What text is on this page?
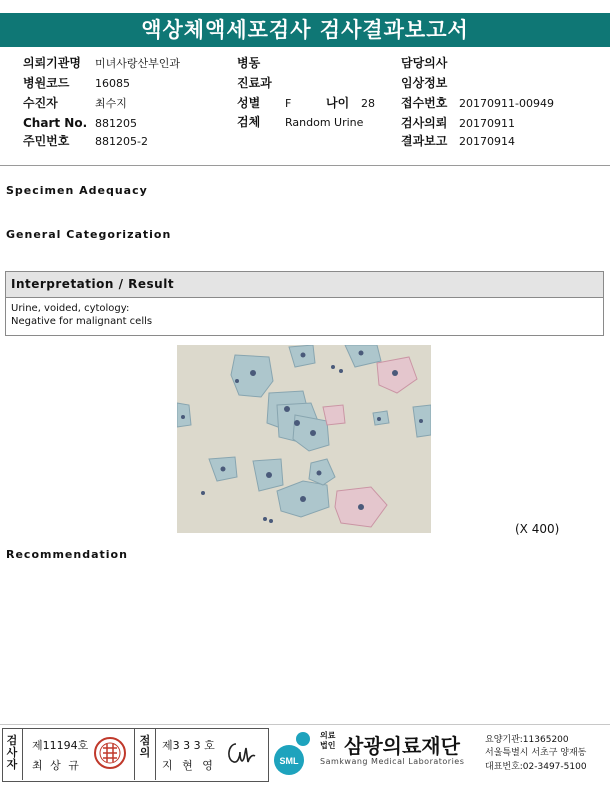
액상체액세포검사 검사결과보고서
의뢰기관명 미녀사랑산부인과
병원코드 16085
수진자	최수지
Chart No. 881205
주민번호 881205-2
병동
진료과
성별 F	나이 28
검체 Random Urine
담당의사
임상정보
접수번호 20170911-00949
검사의뢰 20170911
결과보고 20170914
Specimen Adequacy
General Categorization
Interpretation / Result
Urine, voided, cytology:
Negative for malignant cells
(X 400)
Recommendation
검사자
제11194호
최 상 규
점의
제3 3 3 호
지 현 영	SML
의료법인 삼광의료재단
Samkwang Medical Laboratories
요양기관:11365200
서울특별시 서초구 양재동
대표번호:02-3497-5100
